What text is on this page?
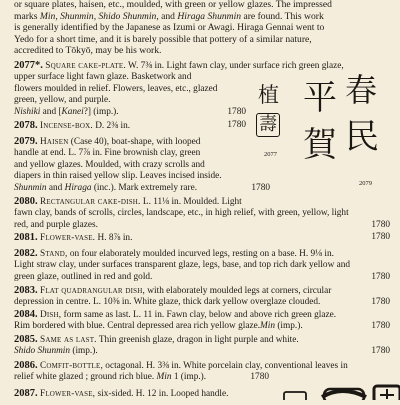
or square plates, haisen, etc., moulded, with green or yellow glazes. The impressed
marks Min, Shunmin, Shido Shunmin, and Hiraga Shunmin are found. This work
is generally identified by the Japanese as Izumi or Awagi. Hiraga Gennai went to
Yedo for a short time, and it is barely possible that pottery of a similar nature,
accredited to Tōkyō, may be his work.
2077*. Square cake-plate. W. 7⅜ in. Light fawn clay, under surface rich green glaze,
upper surface light fawn glaze. Basketwork and
flowers moulded in relief. Flowers, leaves, etc., glazed
green, yellow, and purple.
Nishiki and [Kanei?] (imp.).	1780
2078. Incense-box. D. 2⅜ in.	1780
2079. Haisen (Case 40), boat-shape, with looped
handle at end. L. 7⅞ in. Fine brownish clay, green
and yellow glazes. Moulded, with crazy scrolls and
diapers in thin raised yellow slip. Leaves incised inside.
Shunmin and Hiraga (inc.). Mark extremely rare.	1780
植
壽
2077
平
賀
春
民
2079
2080. Rectangular cake-dish. L. 11⅛ in. Moulded. Light
fawn clay, bands of scrolls, circles, landscape, etc., in high relief, with green, yellow, light
red, and purple glazes.	1780
2081. Flower-vase. H. 8⅞ in.	1780
2082. Stand, on four elaborately moulded incurved legs, resting on a base. H. 9⅛ in.
Light straw clay, under surfaces transparent glaze, legs, base, and top rich dark yellow and
green glaze, outlined in red and gold.	1780
2083. Flat quadrangular dish, with elaborately moulded legs at corners, circular
depression in centre. L. 10⅜ in. White glaze, thick dark yellow overglaze clouded.	1780
2084. Dish, form same as last. L. 11 in. Fawn clay, below and above rich green glaze.
Rim bordered with blue. Central depressed area rich yellow glaze.Min (imp.).	1780
2085. Same as last. Thin greenish glaze, dragon in light purple and white.
Shido Shunmin (imp.).	1780
2086. Comfit-bottle, octagonal. H. 3⅜ in. White porcelain clay, conventional leaves in
relief white glazed ; ground rich blue. Min 1 (imp.).	1780
2087. Flower-vase, six-sided. H. 12 in. Looped handle.
